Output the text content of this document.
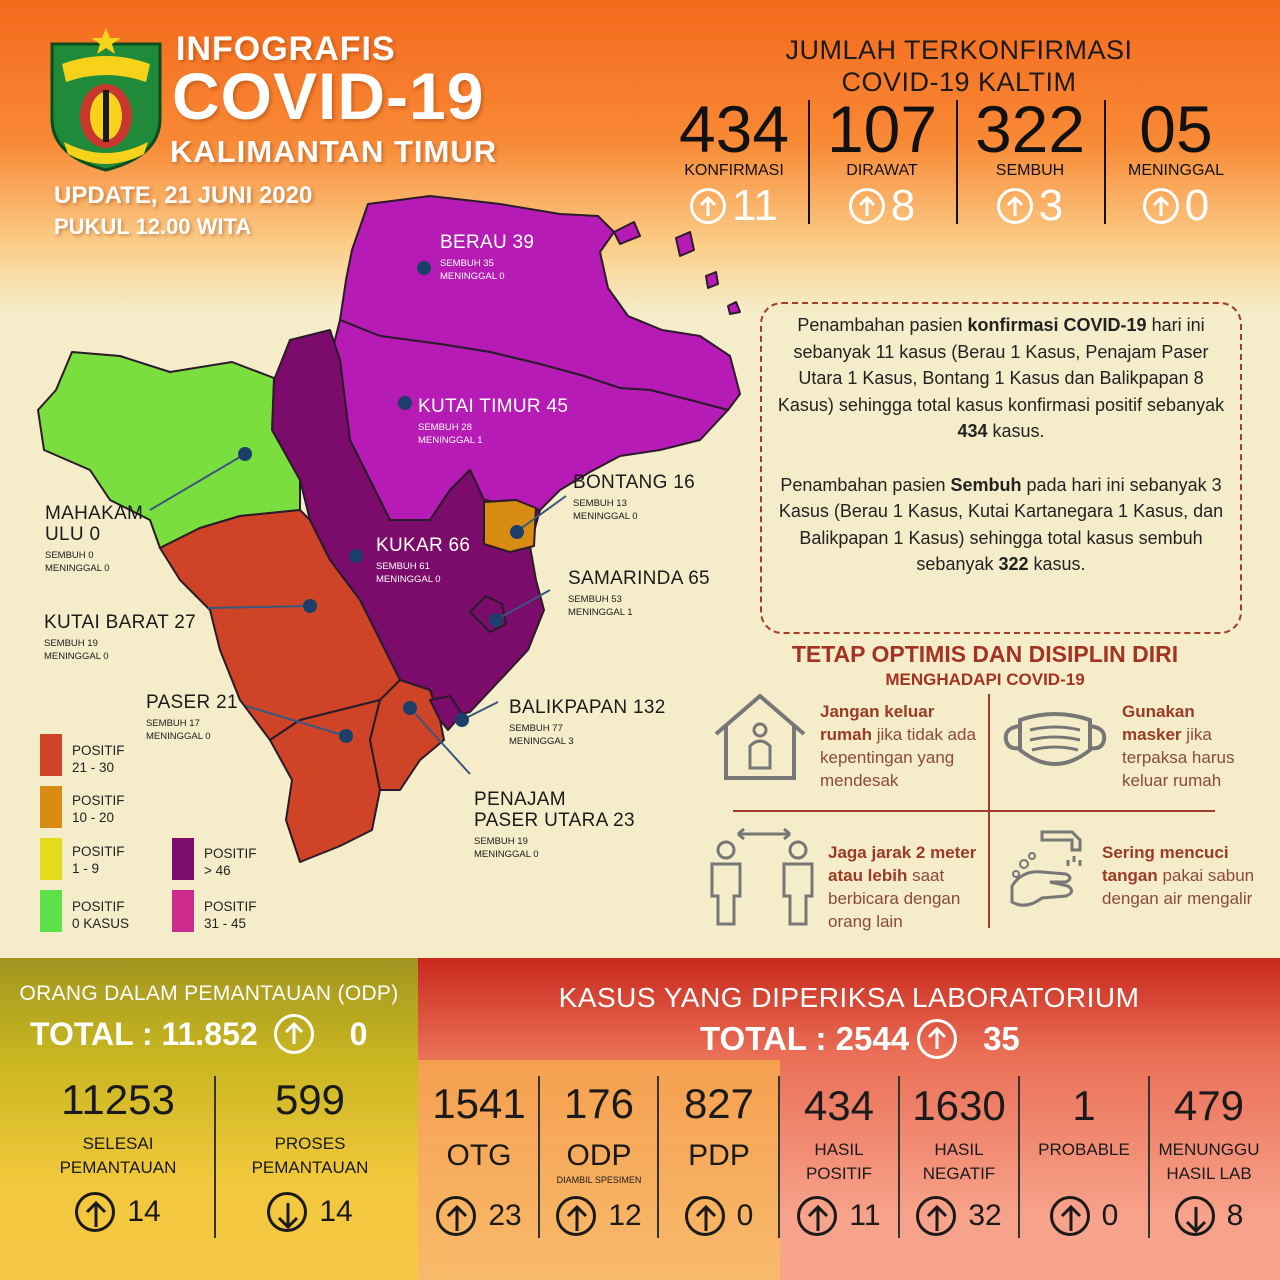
INFOGRAFIS
COVID-19
KALIMANTAN TIMUR
UPDATE, 21 JUNI 2020
PUKUL 12.00 WITA
JUMLAH TERKONFIRMASI
COVID-19 KALTIM
434
KONFIRMASI
11
107
DIRAWAT
8
322
SEMBUH
3
05
MENINGGAL
0
BERAU 39
SEMBUH 35
MENINGGAL 0
KUTAI TIMUR 45
SEMBUH 28
MENINGGAL 1
BONTANG 16
SEMBUH 13
MENINGGAL 0
MAHAKAM
ULU 0
SEMBUH 0
MENINGGAL 0
KUKAR 66
SEMBUH 61
MENINGGAL 0	SAMARINDA 65
SEMBUH 53
MENINGGAL 1
KUTAI BARAT 27
SEMBUH 19
MENINGGAL 0
PASER 21
SEMBUH 17
MENINGGAL 0
BALIKPAPAN 132
SEMBUH 77
MENINGGAL 3
PENAJAM
PASER UTARA 23
SEMBUH 19
MENINGGAL 0
POSITIF
21 - 30
POSITIF
10 - 20
POSITIF
1 - 9
POSITIF
0 KASUS
POSITIF
> 46
POSITIF
31 - 45

Penambahan pasien konfirmasi COVID-19 hari ini sebanyak 11 kasus (Berau 1 Kasus, Penajam Paser Utara 1 Kasus, Bontang 1 Kasus dan Balikpapan 8 Kasus) sehingga total kasus konfirmasi positif sebanyak 434 kasus.

Penambahan pasien Sembuh pada hari ini sebanyak 3 Kasus (Berau 1 Kasus, Kutai Kartanegara 1 Kasus, dan Balikpapan 1 Kasus) sehingga total kasus sembuh sebanyak 322 kasus.

TETAP OPTIMIS DAN DISIPLIN DIRI
MENGHADAPI COVID-19
Jangan keluar rumah jika tidak ada kepentingan yang mendesak
Gunakan masker jika terpaksa harus keluar rumah
Jaga jarak 2 meter atau lebih saat berbicara dengan orang lain
Sering mencuci tangan pakai sabun dengan air mengalir
ORANG DALAM PEMANTAUAN (ODP)
TOTAL : 11.852	0
KASUS YANG DIPERIKSA LABORATORIUM
TOTAL : 2544 35
11253
SELESAI
PEMANTAUAN
14
599
PROSES
PEMANTAUAN
14
1541
OTG
23
176
ODP
DIAMBIL SPESIMEN
12
827
PDP
0
434
HASIL
POSITIF
11
1630
HASIL
NEGATIF
32
1
PROBABLE
0
479
MENUNGGU
HASIL LAB
8
